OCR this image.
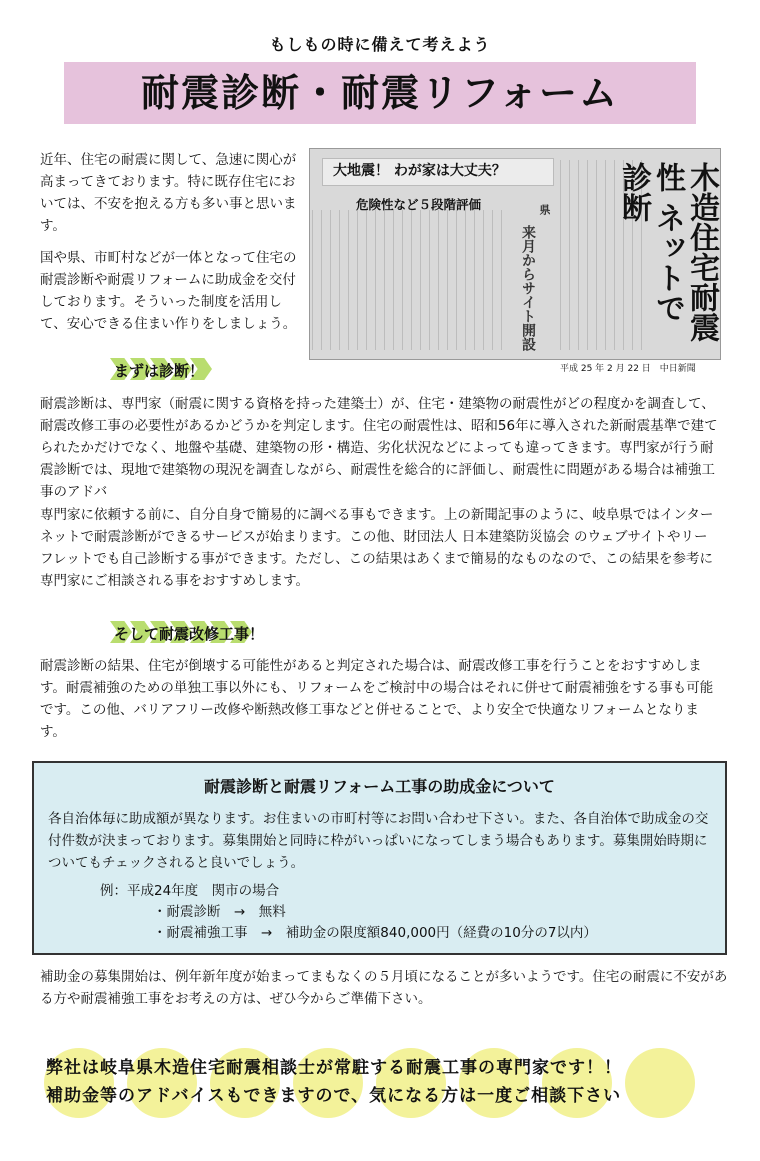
もしもの時に備えて考えよう
耐震診断・耐震リフォーム
近年、住宅の耐震に関して、急速に関心が高まってきております。特に既存住宅においては、不安を抱える方も多い事と思います。
国や県、市町村などが一体となって住宅の耐震診断や耐震リフォームに助成金を交付しております。そういった制度を活用して、安心できる住まい作りをしましょう。
大地震！ わが家は大丈夫？
危険性など５段階評価	県
来月からサイト開設	木造住宅耐震性 ネットで診断
平成 25 年 2 月 22 日　中日新聞
まずは診断！
耐震診断は、専門家（耐震に関する資格を持った建築士）が、住宅・建築物の耐震性がどの程度かを調査して、耐震改修工事の必要性があるかどうかを判定します。住宅の耐震性は、昭和56年に導入された新耐震基準で建てられたかだけでなく、地盤や基礎、建築物の形・構造、劣化状況などによっても違ってきます。専門家が行う耐震診断では、現地で建築物の現況を調査しながら、耐震性を総合的に評価し、耐震性に問題がある場合は補強工事のアドバ
専門家に依頼する前に、自分自身で簡易的に調べる事もできます。上の新聞記事のように、岐阜県ではインターネットで耐震診断ができるサービスが始まります。この他、財団法人 日本建築防災協会 のウェブサイトやリーフレットでも自己診断する事ができます。ただし、この結果はあくまで簡易的なものなので、この結果を参考に専門家にご相談される事をおすすめします。
そして耐震改修工事！
耐震診断の結果、住宅が倒壊する可能性があると判定された場合は、耐震改修工事を行うことをおすすめします。耐震補強のための単独工事以外にも、リフォームをご検討中の場合はそれに併せて耐震補強をする事も可能です。この他、バリアフリー改修や断熱改修工事などと併せることで、より安全で快適なリフォームとなります。
耐震診断と耐震リフォーム工事の助成金について
各自治体毎に助成額が異なります。お住まいの市町村等にお問い合わせ下さい。また、各自治体で助成金の交付件数が決まっております。募集開始と同時に枠がいっぱいになってしまう場合もあります。募集開始時期についてもチェックされると良いでしょう。
例：平成24年度　関市の場合
・耐震診断　→　無料
・耐震補強工事　→　補助金の限度額840,000円（経費の10分の7以内）
補助金の募集開始は、例年新年度が始まってまもなくの５月頃になることが多いようです。住宅の耐震に不安がある方や耐震補強工事をお考えの方は、ぜひ今からご準備下さい。
弊社は岐阜県木造住宅耐震相談士が常駐する耐震工事の専門家です！！
補助金等のアドバイスもできますので、気になる方は一度ご相談下さい
